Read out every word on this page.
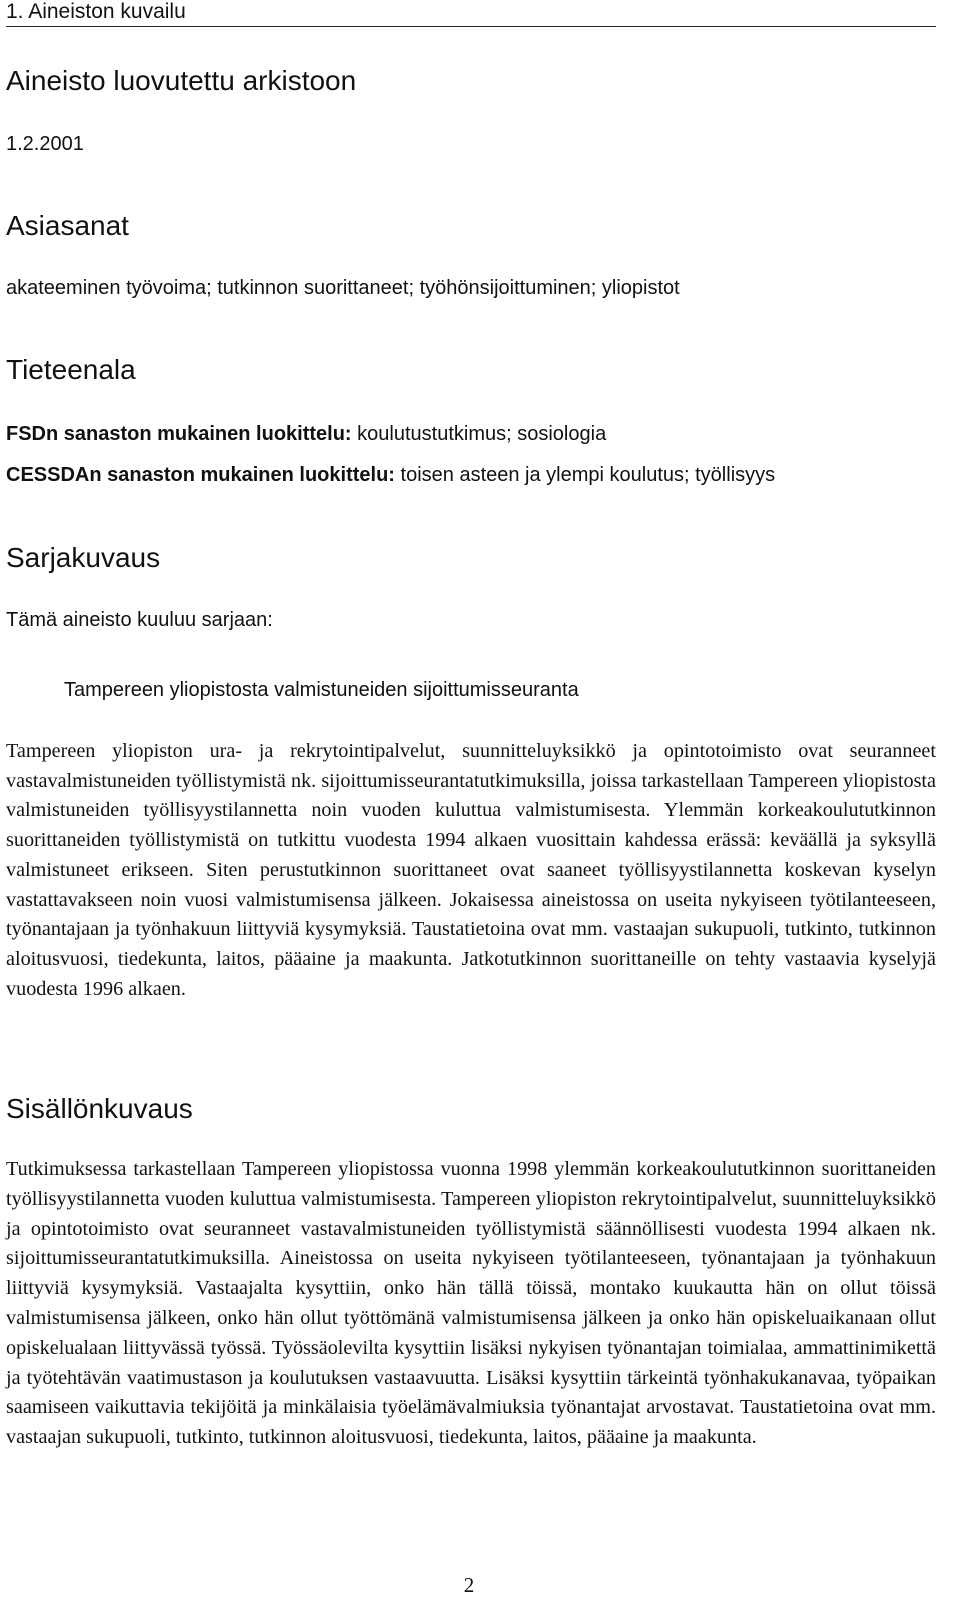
1. Aineiston kuvailu
Aineisto luovutettu arkistoon
1.2.2001
Asiasanat
akateeminen työvoima; tutkinnon suorittaneet; työhönsijoittuminen; yliopistot
Tieteenala
FSDn sanaston mukainen luokittelu: koulutustutkimus; sosiologia
CESSDAn sanaston mukainen luokittelu: toisen asteen ja ylempi koulutus; työllisyys
Sarjakuvaus
Tämä aineisto kuuluu sarjaan:
Tampereen yliopistosta valmistuneiden sijoittumisseuranta
Tampereen yliopiston ura- ja rekrytointipalvelut, suunnitteluyksikkö ja opintotoimisto ovat seuranneet vastavalmistuneiden työllistymistä nk. sijoittumisseurantatutkimuksilla, joissa tarkastellaan Tampereen yliopistosta valmistuneiden työllisyystilannetta noin vuoden kuluttua valmistumisesta. Ylemmän korkeakoulututkinnon suorittaneiden työllistymistä on tutkittu vuodesta 1994 alkaen vuosittain kahdessa erässä: keväällä ja syksyllä valmistuneet erikseen. Siten perustutkinnon suorittaneet ovat saaneet työllisyystilannetta koskevan kyselyn vastattavakseen noin vuosi valmistumisensa jälkeen. Jokaisessa aineistossa on useita nykyiseen työtilanteeseen, työnantajaan ja työnhakuun liittyviä kysymyksiä. Taustatietoina ovat mm. vastaajan sukupuoli, tutkinto, tutkinnon aloitusvuosi, tiedekunta, laitos, pääaine ja maakunta. Jatkotutkinnon suorittaneille on tehty vastaavia kyselyjä vuodesta 1996 alkaen.
Sisällönkuvaus
Tutkimuksessa tarkastellaan Tampereen yliopistossa vuonna 1998 ylemmän korkeakoulututkinnon suorittaneiden työllisyystilannetta vuoden kuluttua valmistumisesta. Tampereen yliopiston rekrytointipalvelut, suunnitteluyksikkö ja opintotoimisto ovat seuranneet vastavalmistuneiden työllistymistä säännöllisesti vuodesta 1994 alkaen nk. sijoittumisseurantatutkimuksilla. Aineistossa on useita nykyiseen työtilanteeseen, työnantajaan ja työnhakuun liittyviä kysymyksiä. Vastaajalta kysyttiin, onko hän tällä töissä, montako kuukautta hän on ollut töissä valmistumisensa jälkeen, onko hän ollut työttömänä valmistumisensa jälkeen ja onko hän opiskeluaikanaan ollut opiskelualaan liittyvässä työssä. Työssäolevilta kysyttiin lisäksi nykyisen työnantajan toimialaa, ammattinimikettä ja työtehtävän vaatimustason ja koulutuksen vastaavuutta. Lisäksi kysyttiin tärkeintä työnhakukanavaa, työpaikan saamiseen vaikuttavia tekijöitä ja minkälaisia työelämävalmiuksia työnantajat arvostavat. Taustatietoina ovat mm. vastaajan sukupuoli, tutkinto, tutkinnon aloitusvuosi, tiedekunta, laitos, pääaine ja maakunta.
2
